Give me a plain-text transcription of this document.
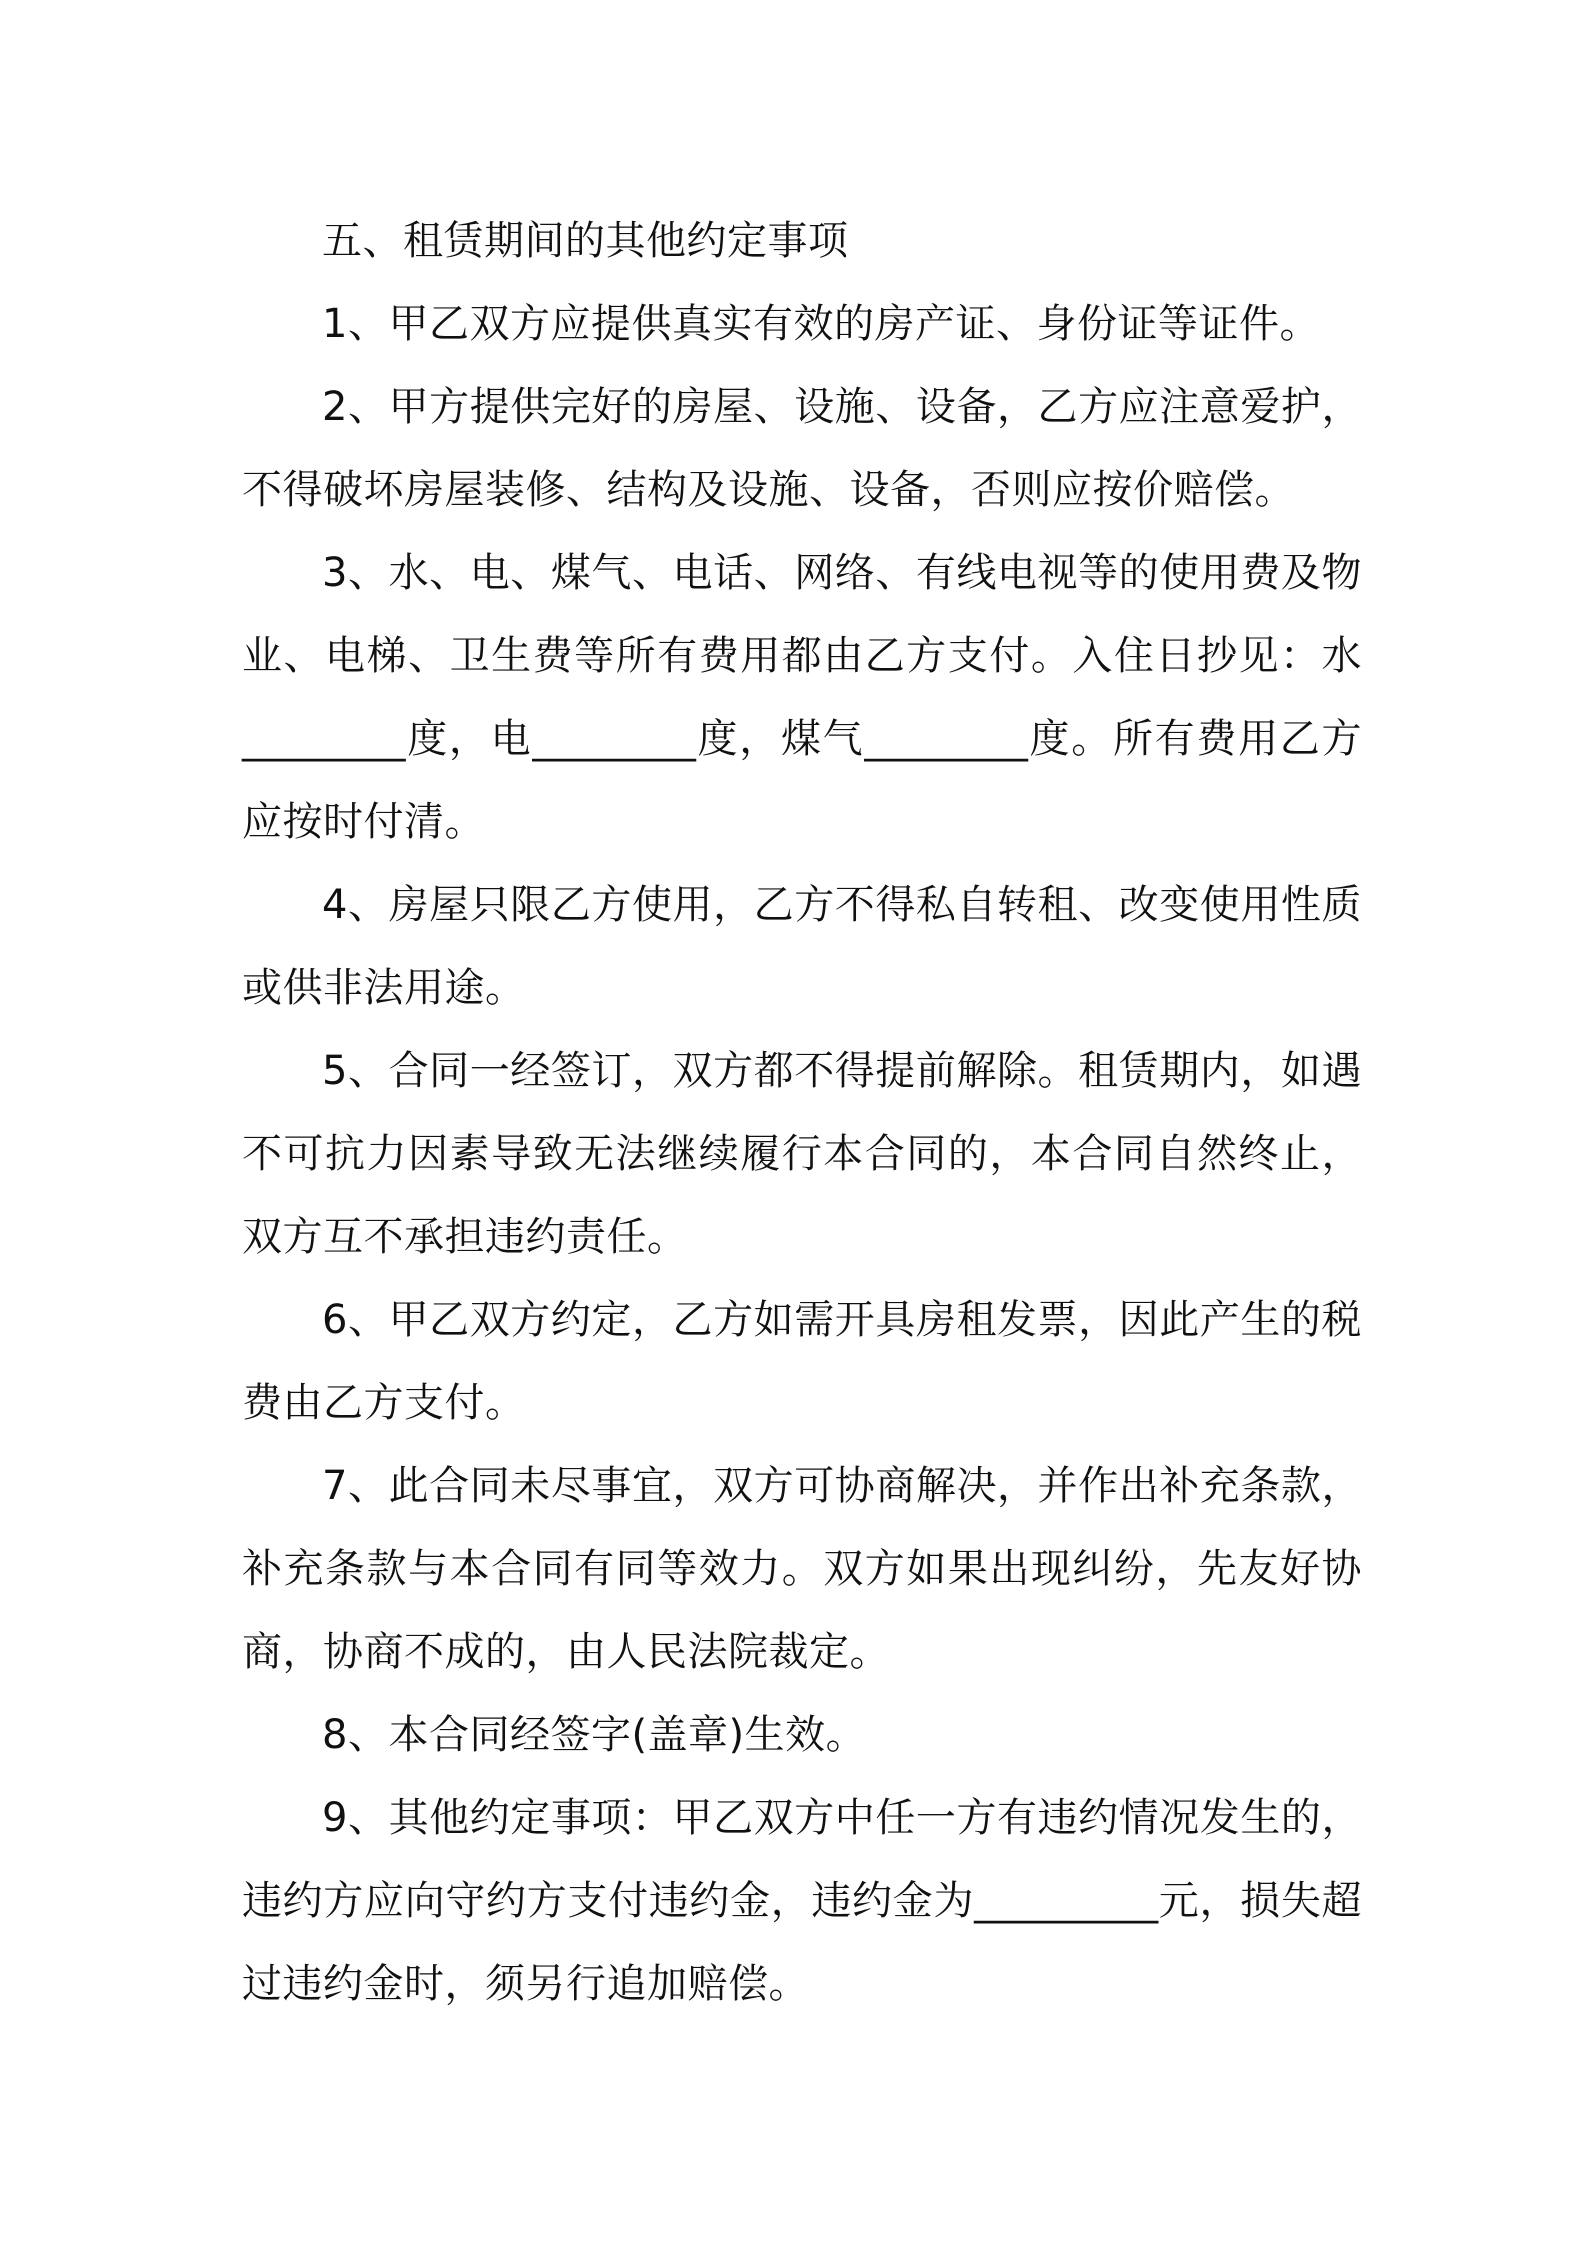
五、租赁期间的其他约定事项

1、甲乙双方应提供真实有效的房产证、身份证等证件。

2、甲方提供完好的房屋、设施、设备，乙方应注意爱护，不得破坏房屋装修、结构及设施、设备，否则应按价赔偿。

3、水、电、煤气、电话、网络、有线电视等的使用费及物业、电梯、卫生费等所有费用都由乙方支付。入住日抄见：水________度，电________度，煤气________度。所有费用乙方应按时付清。

4、房屋只限乙方使用，乙方不得私自转租、改变使用性质或供非法用途。

5、合同一经签订，双方都不得提前解除。租赁期内，如遇不可抗力因素导致无法继续履行本合同的，本合同自然终止，双方互不承担违约责任。

6、甲乙双方约定，乙方如需开具房租发票，因此产生的税费由乙方支付。

7、此合同未尽事宜，双方可协商解决，并作出补充条款，补充条款与本合同有同等效力。双方如果出现纠纷，先友好协商，协商不成的，由人民法院裁定。

8、本合同经签字(盖章)生效。

9、其他约定事项：甲乙双方中任一方有违约情况发生的，违约方应向守约方支付违约金，违约金为_________元，损失超过违约金时，须另行追加赔偿。
